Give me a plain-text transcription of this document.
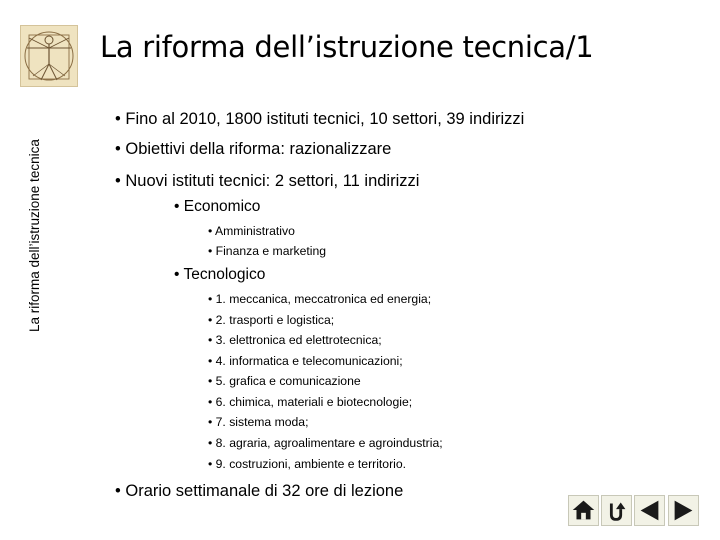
La riforma dell’istruzione tecnica
La riforma dell’istruzione tecnica/1
• Fino al 2010, 1800 istituti tecnici, 10 settori, 39 indirizzi
• Obiettivi della riforma: razionalizzare
• Nuovi istituti tecnici: 2 settori, 11 indirizzi
• Economico
• Amministrativo
• Finanza e marketing
• Tecnologico
• 1. meccanica, meccatronica ed energia;
• 2. trasporti e logistica;
• 3. elettronica ed elettrotecnica;
• 4. informatica e telecomunicazioni;
• 5. grafica e comunicazione
• 6. chimica, materiali e biotecnologie;
• 7. sistema moda;
• 8. agraria, agroalimentare e agroindustria;
• 9. costruzioni, ambiente e territorio.
• Orario settimanale di 32 ore di lezione
